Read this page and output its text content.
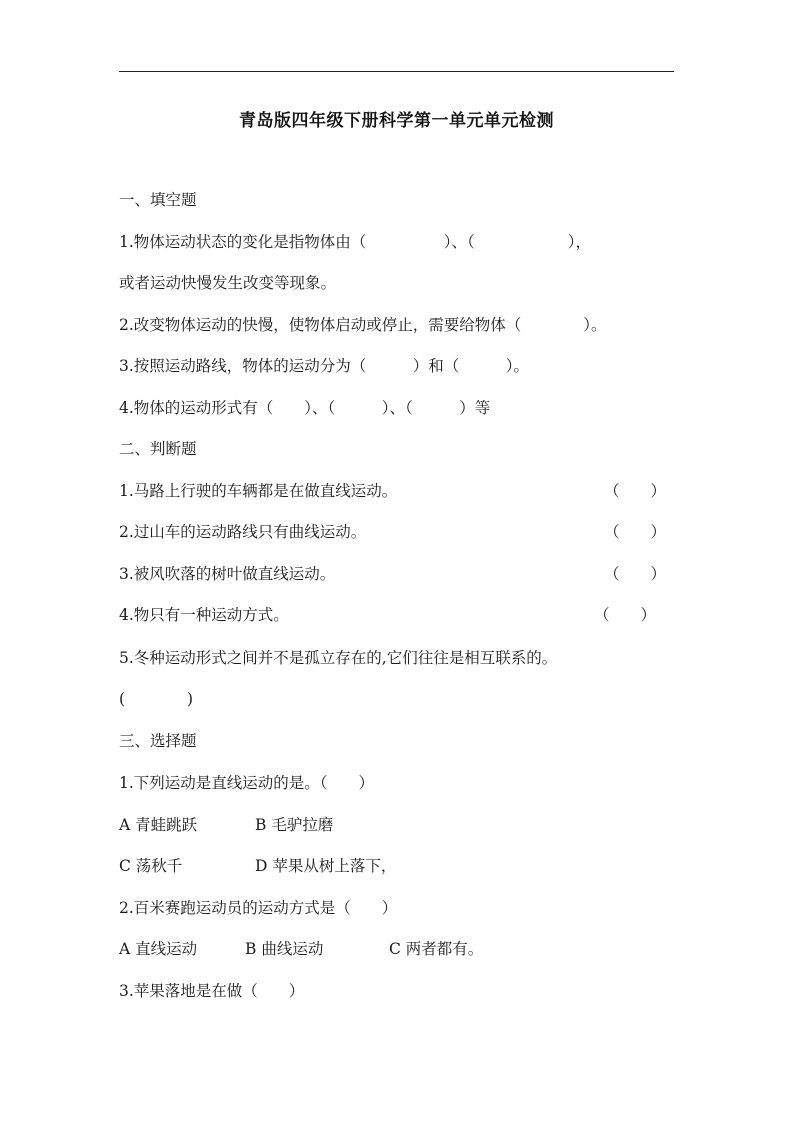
青岛版四年级下册科学第一单元单元检测
一、填空题
1.物体运动状态的变化是指物体由（　　　　　）、（　　　　　　），
或者运动快慢发生改变等现象。
2.改变物体运动的快慢，使物体启动或停止，需要给物体（　　　　）。
3.按照运动路线，物体的运动分为（　　　）和（　　　）。
4.物体的运动形式有（　　）、（　　　）、（　　　）等
二、判断题
1.马路上行驶的车辆都是在做直线运动。	（　　）
2.过山车的运动路线只有曲线运动。	（　　）
3.被风吹落的树叶做直线运动。	（　　）
4.物只有一种运动方式。	（　　）
5.冬种运动形式之间并不是孤立存在的,它们往往是相互联系的。
(　　　　)
三、选择题
1.下列运动是直线运动的是。（　　）
A 青蛙跳跃	B 毛驴拉磨
C 荡秋千	D 苹果从树上落下，
2.百米赛跑运动员的运动方式是（　　）
A 直线运动	B 曲线运动	C 两者都有。
3.苹果落地是在做（　　）
